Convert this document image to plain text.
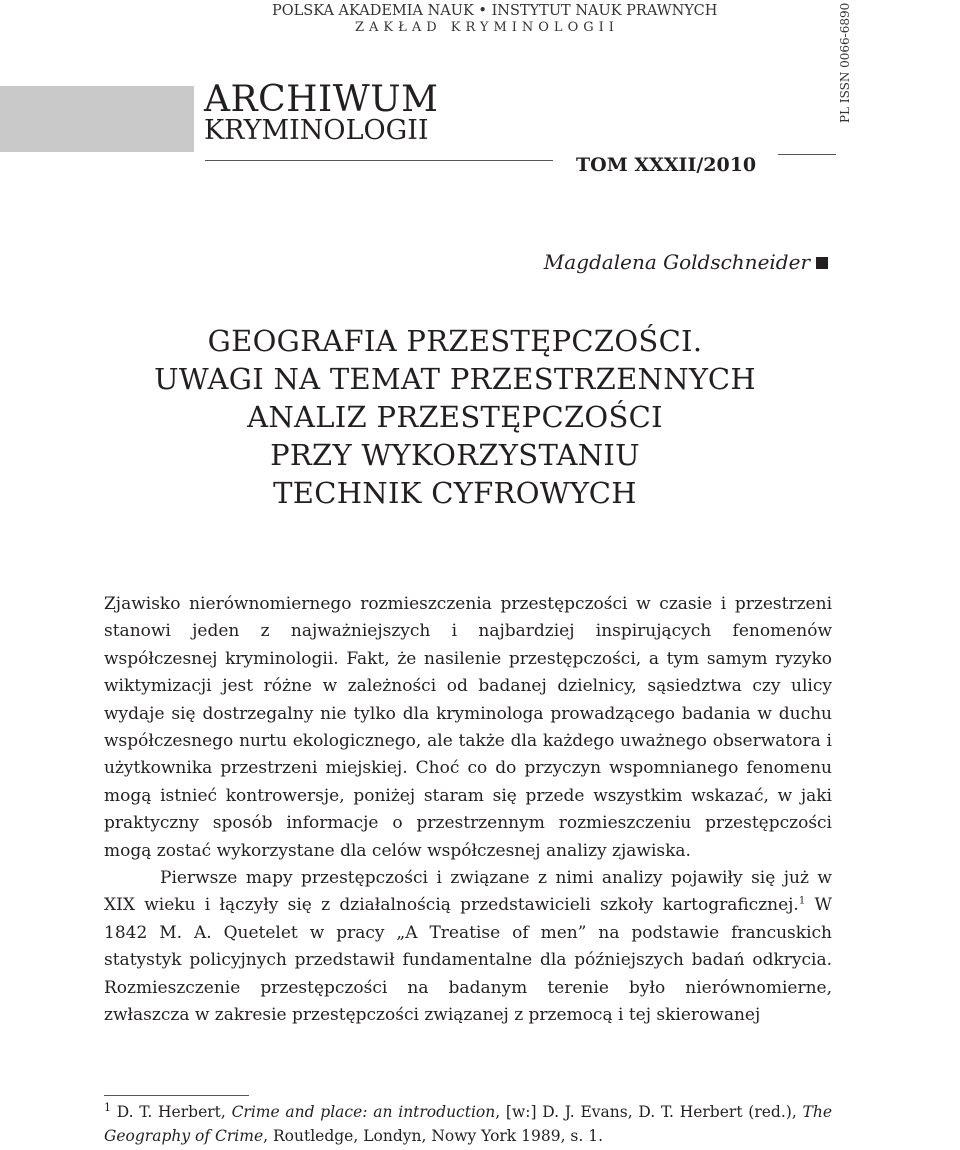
POLSKA AKADEMIA NAUK • INSTYTUT NAUK PRAWNYCH
ZAKŁAD KRYMINOLOGII	PL ISSN 0066-6890
ARCHIWUM
KRYMINOLOGII
TOM XXXII/2010
Magdalena Goldschneider
GEOGRAFIA PRZESTĘPCZOŚCI.
UWAGI NA TEMAT PRZESTRZENNYCH
ANALIZ PRZESTĘPCZOŚCI
PRZY WYKORZYSTANIU
TECHNIK CYFROWYCH

Zjawisko nierównomiernego rozmieszczenia przestępczości w czasie i przestrzeni stanowi jeden z najważniejszych i najbardziej inspirujących fenomenów współczesnej kryminologii. Fakt, że nasilenie przestępczości, a tym samym ryzyko wiktymizacji jest różne w zależności od badanej dzielnicy, sąsiedztwa czy ulicy wydaje się dostrzegalny nie tylko dla kryminologa prowadzącego badania w duchu współczesnego nurtu ekologicznego, ale także dla każdego uważnego obserwatora i użytkownika przestrzeni miejskiej. Choć co do przyczyn wspomnianego fenomenu mogą istnieć kontrowersje, poniżej staram się przede wszystkim wskazać, w jaki praktyczny sposób informacje o przestrzennym rozmieszczeniu przestępczości mogą zostać wykorzystane dla celów współczesnej analizy zjawiska.

Pierwsze mapy przestępczości i związane z nimi analizy pojawiły się już w XIX wieku i łączyły się z działalnością przedstawicieli szkoły kartograficznej.$^1$ W 1842 M. A. Quetelet w pracy „A Treatise of men” na podstawie francuskich statystyk policyjnych przedstawił fundamentalne dla późniejszych badań odkrycia. Rozmieszczenie przestępczości na badanym terenie było nierównomierne, zwłaszcza w zakresie przestępczości związanej z przemocą i tej skierowanej

$^1$ D. T. Herbert, Crime and place: an introduction, [w:] D. J. Evans, D. T. Herbert (red.), The Geography of Crime, Routledge, Londyn, Nowy York 1989, s. 1.
